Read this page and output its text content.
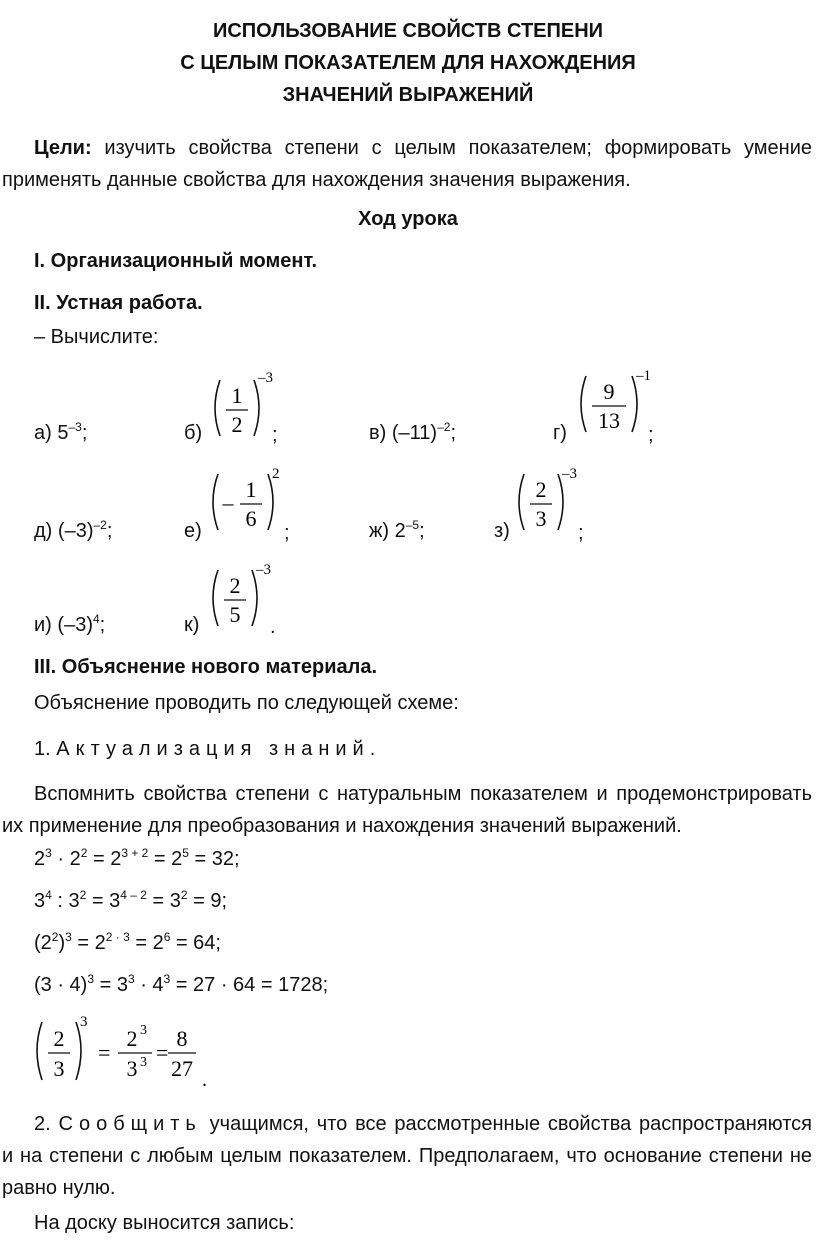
ИСПОЛЬЗОВАНИЕ СВОЙСТВ СТЕПЕНИ
С ЦЕЛЫМ ПОКАЗАТЕЛЕМ ДЛЯ НАХОЖДЕНИЯ
ЗНАЧЕНИЙ ВЫРАЖЕНИЙ
Цели: изучить свойства степени с целым показателем; формировать умение применять данные свойства для нахождения значения выражения.
Ход урока
I. Организационный момент.
II. Устная работа.
– Вычислите:
а) $5^{-3}$;	б)
1
2
–3
;	в) $(-11)^{-2}$;	г)
9
13
–1
;
д) $(-3)^{-2}$;	е)
–
1
6
2
;	ж) $2^{-5}$;	з)
2
3
–3
;
и) $(-3)^4$;	к)
2
5
–3
.
III. Объяснение нового материала.
Объяснение проводить по следующей схеме:
1. Актуализация знаний.
Вспомнить свойства степени с натуральным показателем и продемонстрировать их применение для преобразования и нахождения значений выражений.
$2^3 \cdot 2^2 = 2^{3 + 2} = 2^5 = 32$;
$3^4$ : $3^2 = 3^{4 - 2} = 3^2 = 9$;
$(2^2)^3 = 2^{2 \cdot 3} = 2^6 = 64$;
$(3 \cdot 4)^3 = 3^3 \cdot 4^3 = 27 \cdot 64 = 1728$;
2
3
3
=
2 3
3 3 =
8
27 .
2. Сообщить учащимся, что все рассмотренные свойства распространяются и на степени с любым целым показателем. Предполагаем, что основание степени не равно нулю.
На доску выносится запись:
